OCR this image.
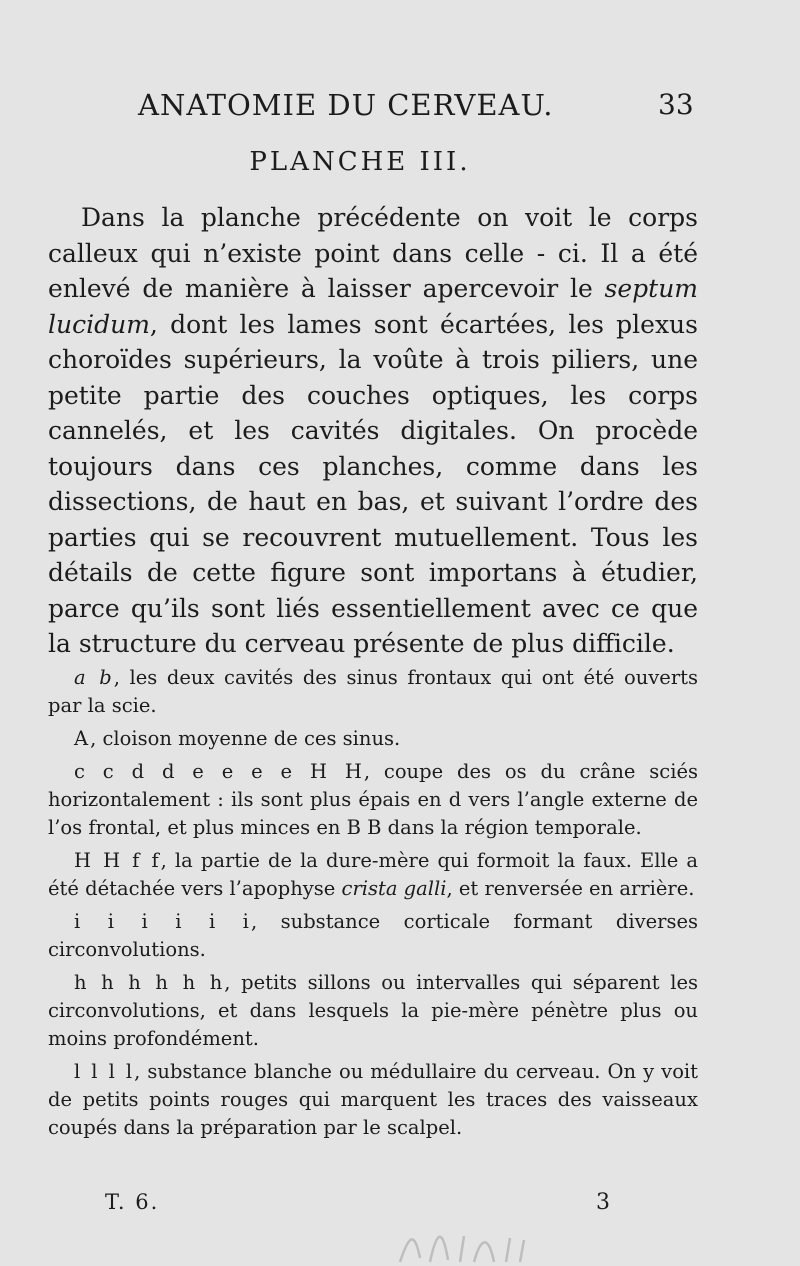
ANATOMIE DU CERVEAU.	33
PLANCHE III.

Dans la planche précédente on voit le corps calleux qui n’existe point dans celle - ci. Il a été enlevé de manière à laisser apercevoir le septum lucidum, dont les lames sont écartées, les plexus choroïdes supérieurs, la voûte à trois piliers, une petite partie des couches optiques, les corps cannelés, et les cavités digitales. On procède toujours dans ces planches, comme dans les dissections, de haut en bas, et suivant l’ordre des parties qui se recouvrent mutuellement. Tous les détails de cette figure sont importans à étudier, parce qu’ils sont liés essentiellement avec ce que la structure du cerveau présente de plus difficile.

a b, les deux cavités des sinus frontaux qui ont été ouverts par la scie.

A, cloison moyenne de ces sinus.

c c d d e e e e H H, coupe des os du crâne sciés horizontalement : ils sont plus épais en d vers l’angle externe de l’os frontal, et plus minces en B B dans la région temporale.

H H f f, la partie de la dure-mère qui formoit la faux. Elle a été détachée vers l’apophyse crista galli, et renversée en arrière.

i i i i i i, substance corticale formant diverses circonvolutions.

h h h h h h, petits sillons ou intervalles qui séparent les circonvolutions, et dans lesquels la pie-mère pénètre plus ou moins profondément.

l l l l, substance blanche ou médullaire du cerveau. On y voit de petits points rouges qui marquent les traces des vaisseaux coupés dans la préparation par le scalpel.

T. 6.	3
